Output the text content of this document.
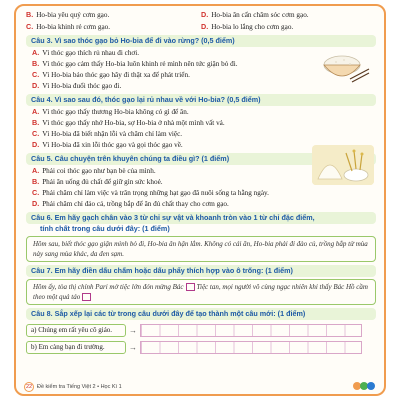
B. Ho-bia yêu quý cơm gạo.	D. Ho-bia ăn cẩn chăm sóc cơm gạo.
C. Ho-bia khinh rẻ cơm gạo.	D. Ho-bia lo lắng cho cơm gạo.
Câu 3. Vì sao thóc gạo bỏ Ho-bia để đi vào rừng? (0,5 điểm)
A. Vì thóc gạo thích rủ nhau đi chơi.
B. Vì thóc gạo cảm thấy Ho-bia luôn khinh rẻ mình nên tức giận bỏ đi.
C. Vì Ho-bia bảo thóc gạo hãy đi thật xa để phát triển.
D. Vì Ho-bia đuổi thóc gạo đi.
Câu 4. Vì sao sau đó, thóc gạo lại rủ nhau về với Ho-bia? (0,5 điểm)
A. Vì thóc gạo thấy thương Ho-bia không có gì để ăn.
B. Vì thóc gạo thấy nhớ Ho-bia, sợ Ho-bia ở nhà một mình vất vả.
C. Vì Ho-bia đã biết nhận lỗi và chăm chỉ làm việc.
D. Vì Ho-bia đã xin lỗi thóc gạo và gọi thóc gạo về.
Câu 5. Câu chuyện trên khuyên chúng ta điều gì? (1 điểm)
A. Phải coi thóc gạo như bạn bè của mình.
B. Phải ăn uống đủ chất để giữ gìn sức khoẻ.
C. Phải chăm chỉ làm việc và trân trọng những hạt gạo đã nuôi sống ta hằng ngày.
D. Phải chăm chỉ đảo cả, trồng bắp để ăn đủ chất thay cho cơm gạo.
Câu 6. Em hãy gạch chân vào 3 từ chỉ sự vật và khoanh tròn vào 1 từ chỉ đặc điểm,
tính chất trong câu dưới đây: (1 điểm)
Hôm sau, biết thóc gạo giận mình bỏ đi, Ho-bia ân hận lắm. Không có cái ăn, Ho-bia phải đi đào củ, trồng bắp từ mùa này sang mùa khác, da đen sạm.
Câu 7. Em hãy điền dấu chấm hoặc dấu phẩy thích hợp vào ô trống: (1 điểm)
Hôm ấy, tòa thị chính Pari mở tiệc lớn đón mừng Bác Tiệc tan, mọi người vô cùng ngạc nhiên khi thấy Bác Hồ cầm theo một quả táo
Câu 8. Sắp xếp lại các từ trong câu dưới đây để tạo thành một câu mới: (1 điểm)
a) Chúng em rất yêu cô giáo.	→
b) Em càng bạn đi trường.	→
22 Đề kiểm tra Tiếng Việt 2 • Học Kì 1
